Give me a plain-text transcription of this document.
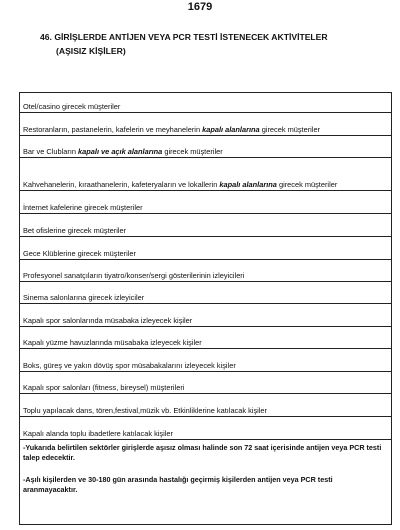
1679
46. GİRİŞLERDE ANTİJEN VEYA PCR TESTİ İSTENECEK AKTİVİTELER
(AŞISIZ KİŞİLER)
Otel/casino girecek müşteriler
Restoranların, pastanelerin, kafelerin ve meyhanelerin kapalı alanlarına girecek müşteriler
Bar ve Clubların kapalı ve açık alanlarına girecek müşteriler
Kahvehanelerin, kıraathanelerin, kafeteryaların ve lokallerin kapalı alanlarına girecek müşteriler
İnternet kafelerine girecek müşteriler
Bet ofislerine girecek müşteriler
Gece Klüblerine girecek müşteriler
Profesyonel sanatçıların tiyatro/konser/sergi gösterilerinin izleyicileri
Sinema salonlarına girecek izleyiciler
Kapalı spor salonlarında müsabaka izleyecek kişiler
Kapalı yüzme havuzlarında müsabaka izleyecek kişiler
Boks, güreş ve yakın dövüş spor müsabakalarını izleyecek kişiler
Kapalı spor salonları (fitness, bireysel) müşterileri
Toplu yapılacak dans, tören,festival,müzik vb. Etkinliklerine katılacak kişiler
Kapalı alanda toplu ibadetlere katılacak kişiler

-Yukarıda belirtilen sektörler girişlerde aşısız olması halinde son 72 saat içerisinde antijen veya PCR testi talep edecektir.

-Aşılı kişilerden ve 30-180 gün arasında hastalığı geçirmiş kişilerden antijen veya PCR testi aranmayacaktır.
